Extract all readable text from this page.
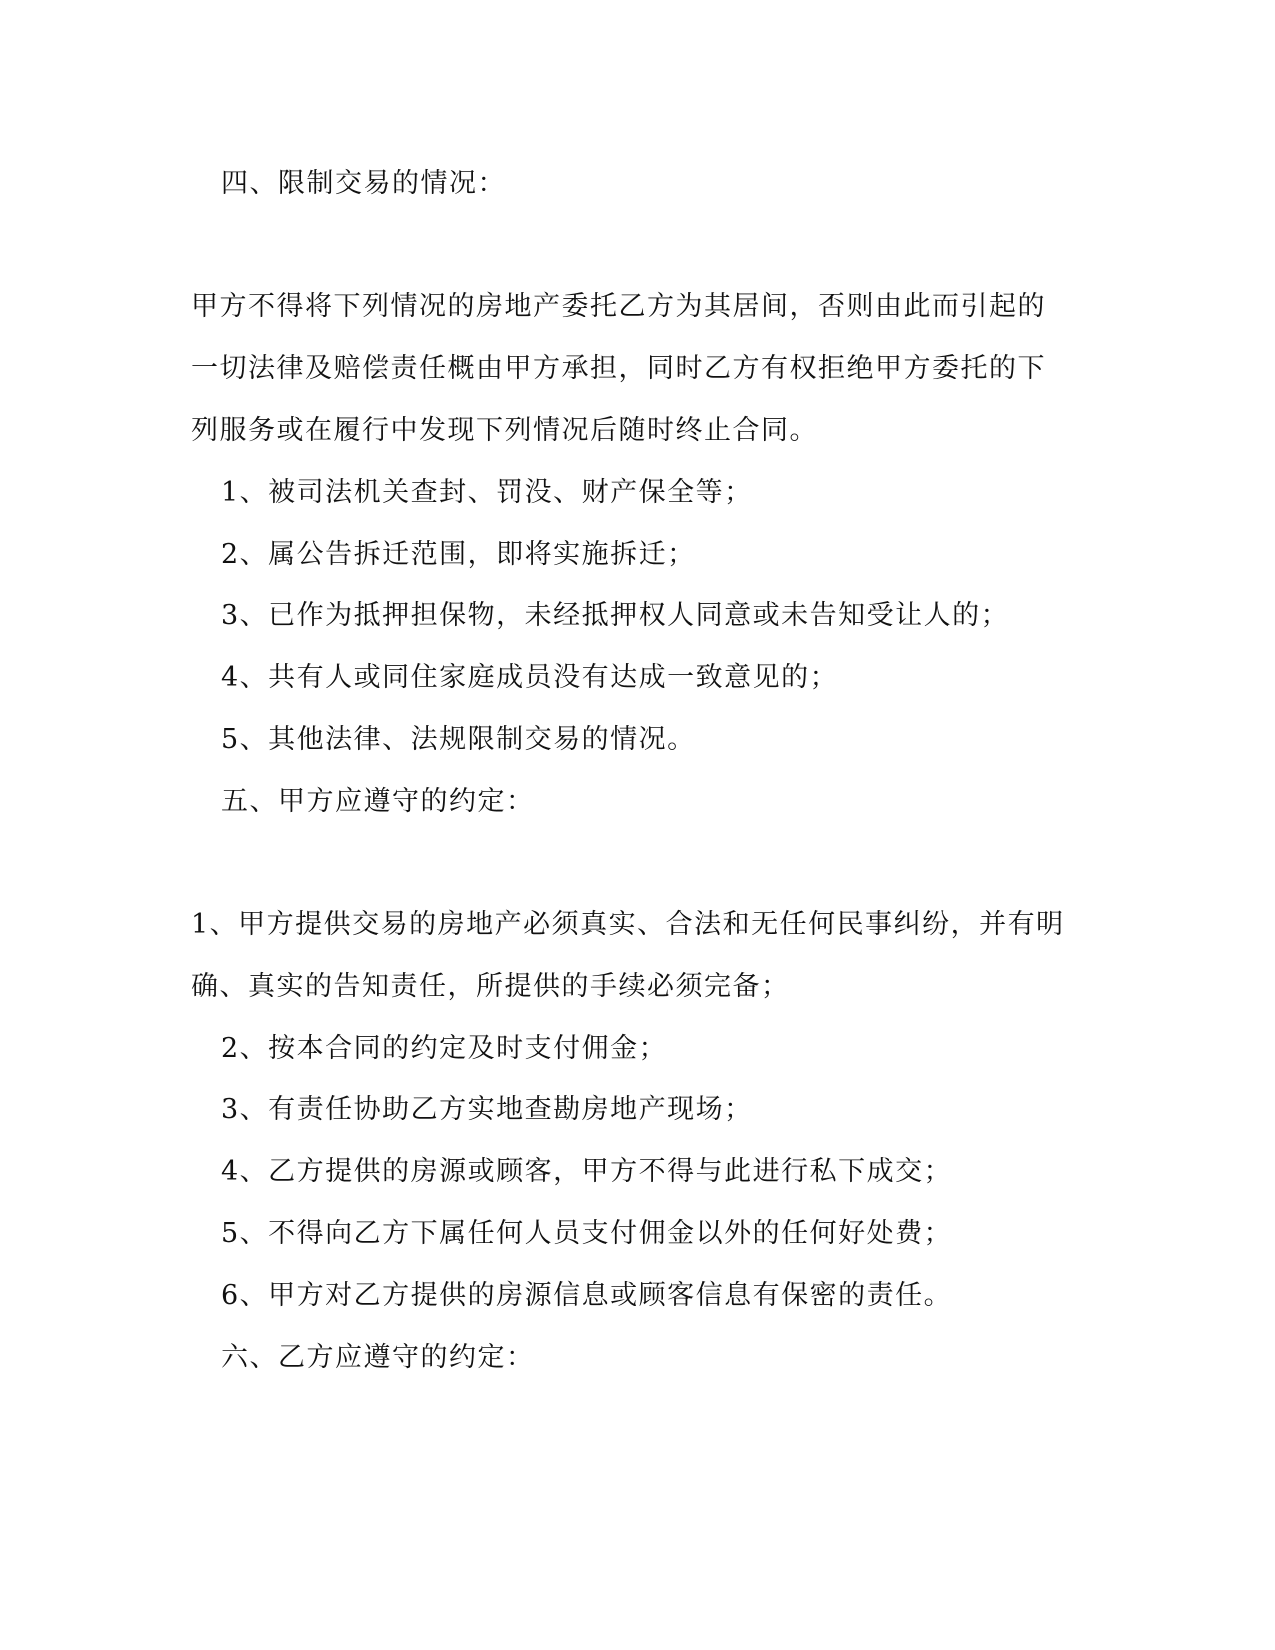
四、限制交易的情况：
甲方不得将下列情况的房地产委托乙方为其居间，否则由此而引起的
一切法律及赔偿责任概由甲方承担，同时乙方有权拒绝甲方委托的下
列服务或在履行中发现下列情况后随时终止合同。
1、被司法机关查封、罚没、财产保全等；
2、属公告拆迁范围，即将实施拆迁；
3、已作为抵押担保物，未经抵押权人同意或未告知受让人的；
4、共有人或同住家庭成员没有达成一致意见的；
5、其他法律、法规限制交易的情况。
五、甲方应遵守的约定：
1、甲方提供交易的房地产必须真实、合法和无任何民事纠纷，并有明
确、真实的告知责任，所提供的手续必须完备；
2、按本合同的约定及时支付佣金；
3、有责任协助乙方实地查勘房地产现场；
4、乙方提供的房源或顾客，甲方不得与此进行私下成交；
5、不得向乙方下属任何人员支付佣金以外的任何好处费；
6、甲方对乙方提供的房源信息或顾客信息有保密的责任。
六、乙方应遵守的约定：
